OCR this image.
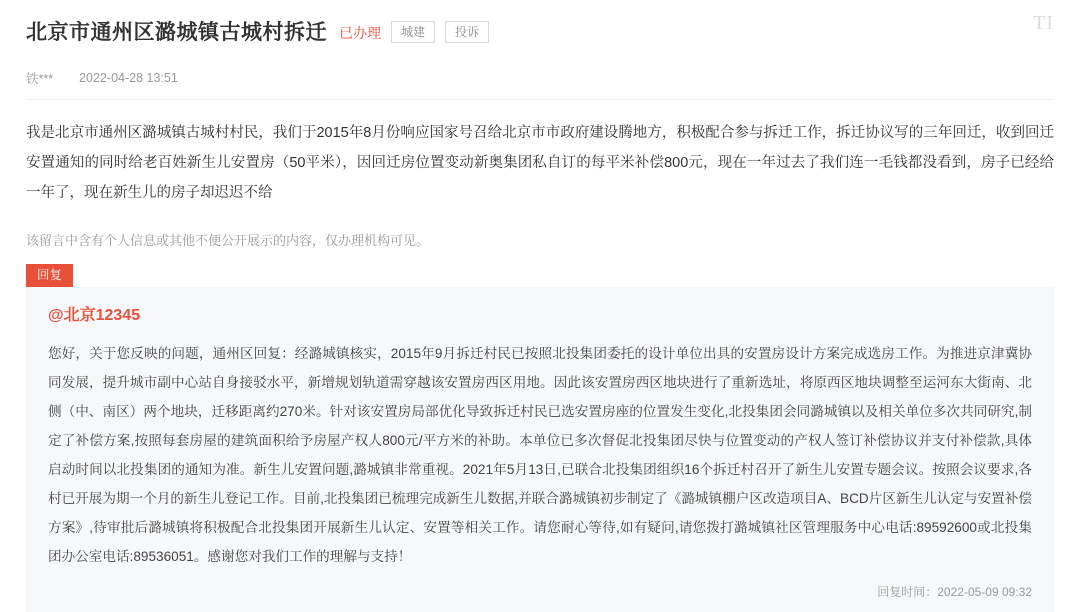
TI
北京市通州区潞城镇古城村拆迁 已办理	城建	投诉
铁*** 2022-04-28 13:51
我是北京市通州区潞城镇古城村村民，我们于2015年8月份响应国家号召给北京市市政府建设腾地方，积极配合参与拆迁工作，拆迁协议写的三年回迁，收到回迁安置通知的同时给老百姓新生儿安置房（50平米），因回迁房位置变动新奥集团私自订的每平米补偿800元，现在一年过去了我们连一毛钱都没看到，房子已经给一年了，现在新生儿的房子却迟迟不给
该留言中含有个人信息或其他不便公开展示的内容，仅办理机构可见。
回复
@北京12345
您好，关于您反映的问题，通州区回复：经潞城镇核实，2015年9月拆迁村民已按照北投集团委托的设计单位出具的安置房设计方案完成选房工作。为推进京津冀协同发展，提升城市副中心站自身接驳水平，新增规划轨道需穿越该安置房西区用地。因此该安置房西区地块进行了重新选址，将原西区地块调整至运河东大街南、北侧（中、南区）两个地块，迁移距离约270米。针对该安置房局部优化导致拆迁村民已选安置房座的位置发生变化,北投集团会同潞城镇以及相关单位多次共同研究,制定了补偿方案,按照每套房屋的建筑面积给予房屋产权人800元/平方米的补助。本单位已多次督促北投集团尽快与位置变动的产权人签订补偿协议并支付补偿款,具体启动时间以北投集团的通知为准。新生儿安置问题,潞城镇非常重视。2021年5月13日,已联合北投集团组织16个拆迁村召开了新生儿安置专题会议。按照会议要求,各村已开展为期一个月的新生儿登记工作。目前,北投集团已梳理完成新生儿数据,并联合潞城镇初步制定了《潞城镇棚户区改造项目A、BCD片区新生儿认定与安置补偿方案》,待审批后潞城镇将积极配合北投集团开展新生儿认定、安置等相关工作。请您耐心等待,如有疑问,请您拨打潞城镇社区管理服务中心电话:89592600或北投集团办公室电话:89536051。感谢您对我们工作的理解与支持！
回复时间：2022-05-09 09:32
